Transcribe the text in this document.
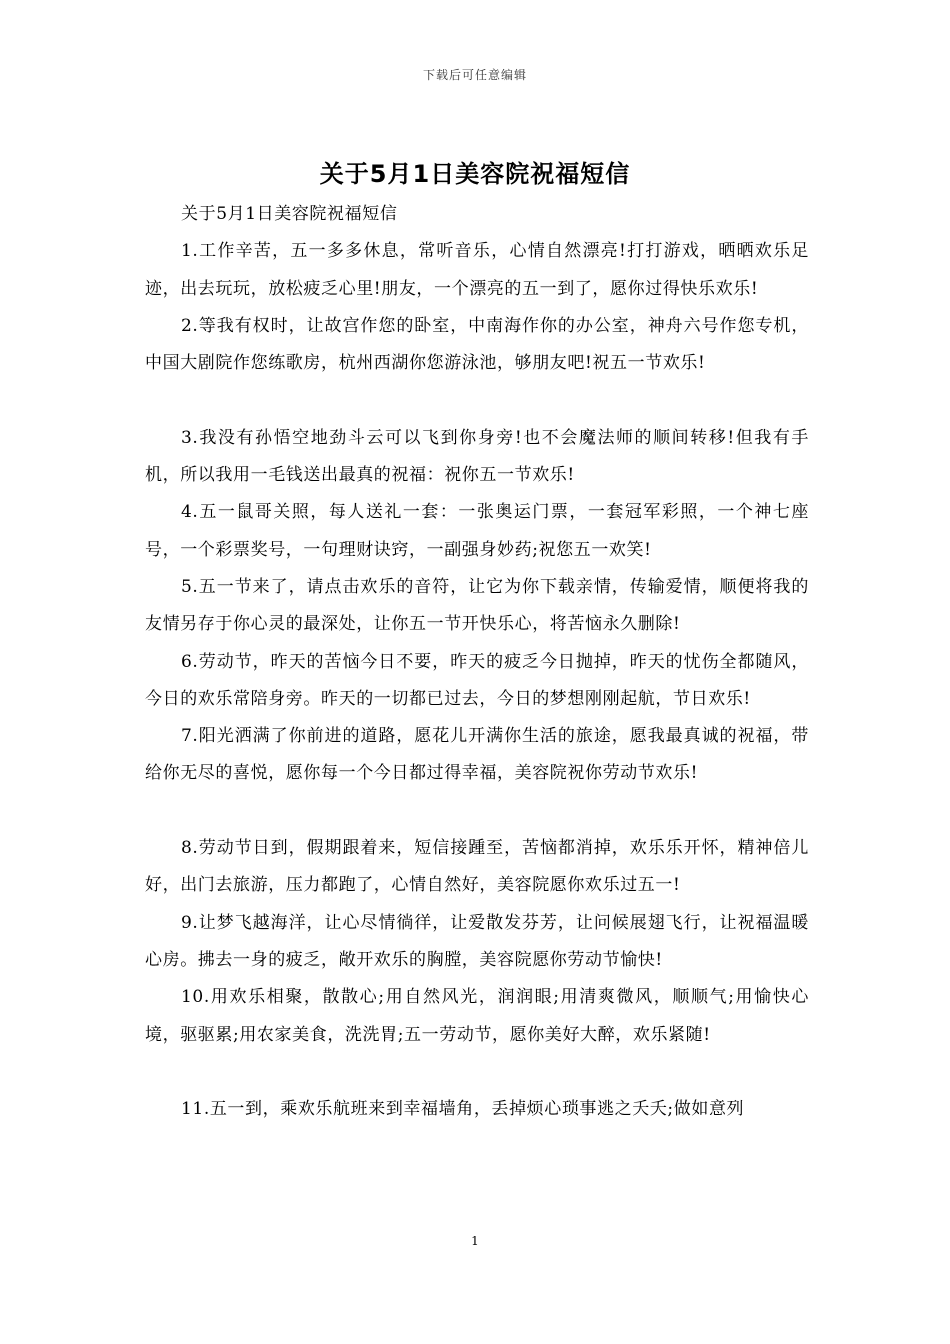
下载后可任意编辑
关于5月1日美容院祝福短信

关于5月1日美容院祝福短信

1.工作辛苦，五一多多休息，常听音乐，心情自然漂亮!打打游戏，晒晒欢乐足迹，出去玩玩，放松疲乏心里!朋友，一个漂亮的五一到了，愿你过得快乐欢乐!

2.等我有权时，让故宫作您的卧室，中南海作你的办公室，神舟六号作您专机，中国大剧院作您练歌房，杭州西湖你您游泳池，够朋友吧!祝五一节欢乐!

3.我没有孙悟空地劲斗云可以飞到你身旁!也不会魔法师的顺间转移!但我有手机，所以我用一毛钱送出最真的祝福：祝你五一节欢乐!

4.五一鼠哥关照，每人送礼一套：一张奥运门票，一套冠军彩照，一个神七座号，一个彩票奖号，一句理财诀窍，一副强身妙药;祝您五一欢笑!

5.五一节来了，请点击欢乐的音符，让它为你下载亲情，传输爱情，顺便将我的友情另存于你心灵的最深处，让你五一节开快乐心，将苦恼永久删除!

6.劳动节，昨天的苦恼今日不要，昨天的疲乏今日抛掉，昨天的忧伤全都随风，今日的欢乐常陪身旁。昨天的一切都已过去，今日的梦想刚刚起航，节日欢乐!

7.阳光洒满了你前进的道路，愿花儿开满你生活的旅途，愿我最真诚的祝福，带给你无尽的喜悦，愿你每一个今日都过得幸福，美容院祝你劳动节欢乐!

8.劳动节日到，假期跟着来，短信接踵至，苦恼都消掉，欢乐乐开怀，精神倍儿好，出门去旅游，压力都跑了，心情自然好，美容院愿你欢乐过五一!

9.让梦飞越海洋，让心尽情徜徉，让爱散发芬芳，让问候展翅飞行，让祝福温暖心房。拂去一身的疲乏，敞开欢乐的胸膛，美容院愿你劳动节愉快!

10.用欢乐相聚，散散心;用自然风光，润润眼;用清爽微风，顺顺气;用愉快心境，驱驱累;用农家美食，洗洗胃;五一劳动节，愿你美好大醉，欢乐紧随!

11.五一到，乘欢乐航班来到幸福墙角，丢掉烦心琐事逃之夭夭;做如意列

1
